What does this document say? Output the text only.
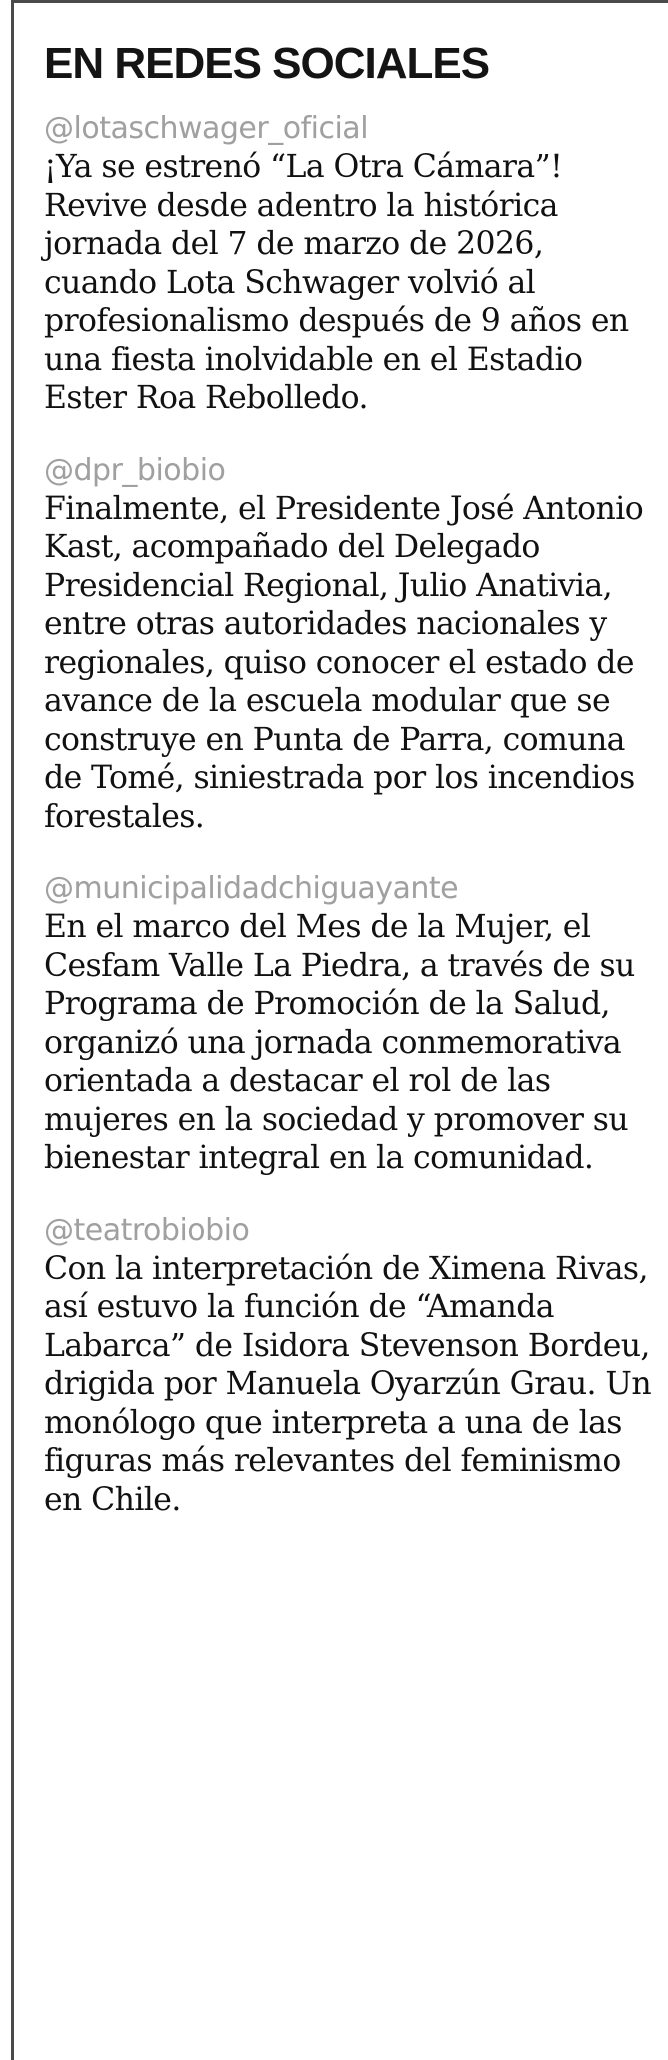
EN REDES SOCIALES
@lotaschwager_oficial

¡Ya se estrenó “La Otra Cámara”! Revive desde adentro la histórica jornada del 7 de marzo de 2026, cuando Lota Schwager volvió al profesionalismo después de 9 años en una fiesta inolvidable en el Estadio Ester Roa Rebolledo.

@dpr_biobio

Finalmente, el Presidente José Antonio Kast, acompañado del Delegado Presidencial Regional, Julio Anativia, entre otras autoridades nacionales y regionales, quiso conocer el estado de avance de la escuela modular que se construye en Punta de Parra, comuna de Tomé, siniestrada por los incendios forestales.

@municipalidadchiguayante

En el marco del Mes de la Mujer, el Cesfam Valle La Piedra, a través de su Programa de Promoción de la Salud, organizó una jornada conmemorativa orientada a destacar el rol de las mujeres en la sociedad y promover su bienestar integral en la comunidad.

@teatrobiobio

Con la interpretación de Ximena Rivas, así estuvo la función de “Amanda Labarca” de Isidora Stevenson Bordeu, drigida por Manuela Oyarzún Grau. Un monólogo que interpreta a una de las figuras más relevantes del feminismo en Chile.
